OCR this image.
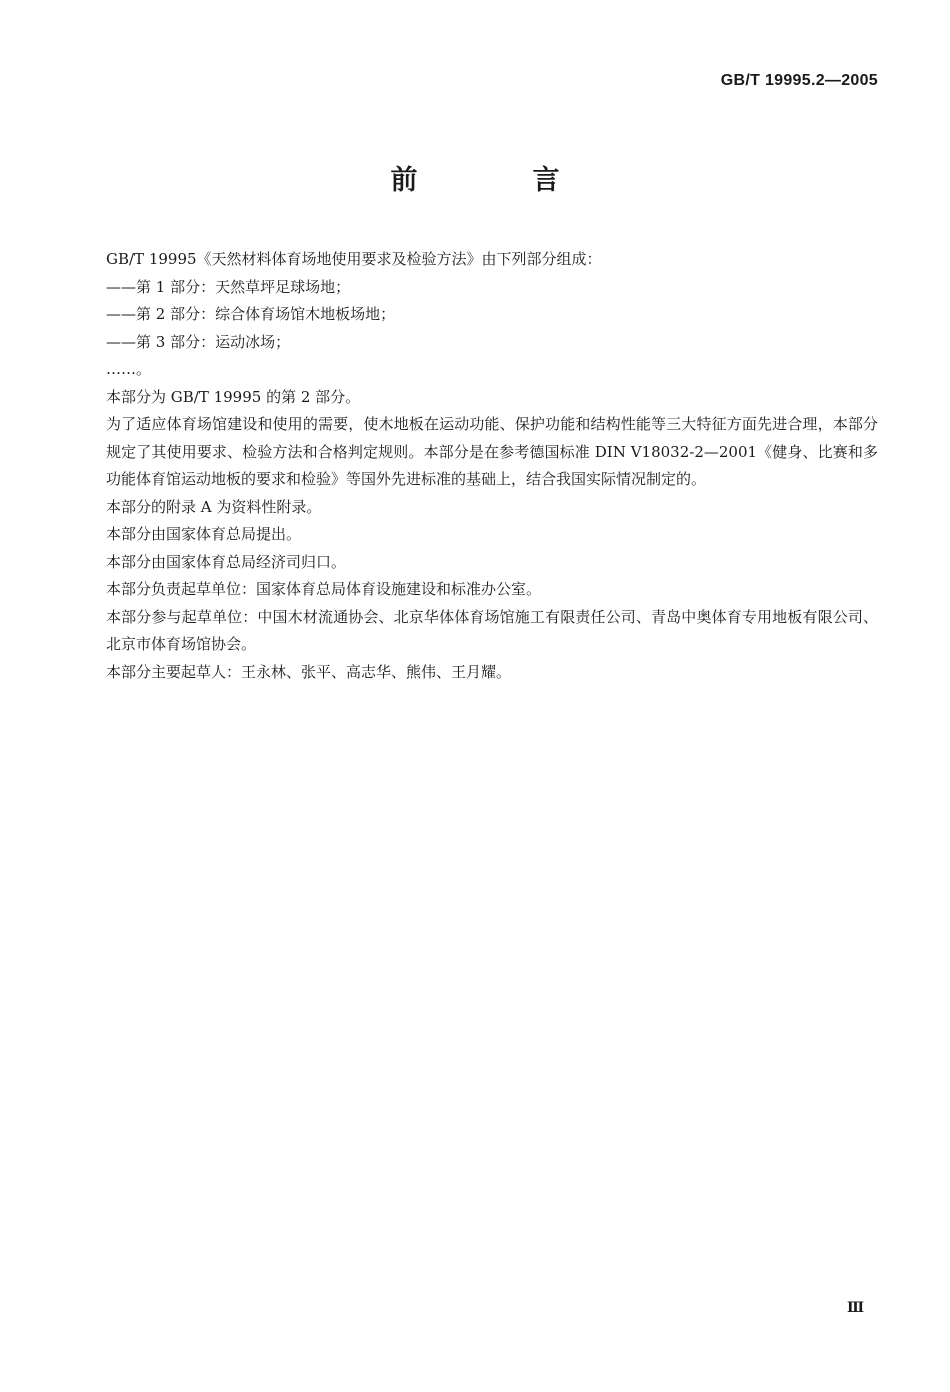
GB/T 19995.2—2005
前　言

GB/T 19995《天然材料体育场地使用要求及检验方法》由下列部分组成：

——第 1 部分：天然草坪足球场地；

——第 2 部分：综合体育场馆木地板场地；

——第 3 部分：运动冰场；

……。

本部分为 GB/T 19995 的第 2 部分。

为了适应体育场馆建设和使用的需要，使木地板在运动功能、保护功能和结构性能等三大特征方面先进合理，本部分规定了其使用要求、检验方法和合格判定规则。本部分是在参考德国标准 DIN V18032-2—2001《健身、比赛和多功能体育馆运动地板的要求和检验》等国外先进标准的基础上，结合我国实际情况制定的。

本部分的附录 A 为资料性附录。

本部分由国家体育总局提出。

本部分由国家体育总局经济司归口。

本部分负责起草单位：国家体育总局体育设施建设和标准办公室。

本部分参与起草单位：中国木材流通协会、北京华体体育场馆施工有限责任公司、青岛中奥体育专用地板有限公司、北京市体育场馆协会。

本部分主要起草人：王永林、张平、高志华、熊伟、王月耀。

Ⅲ
